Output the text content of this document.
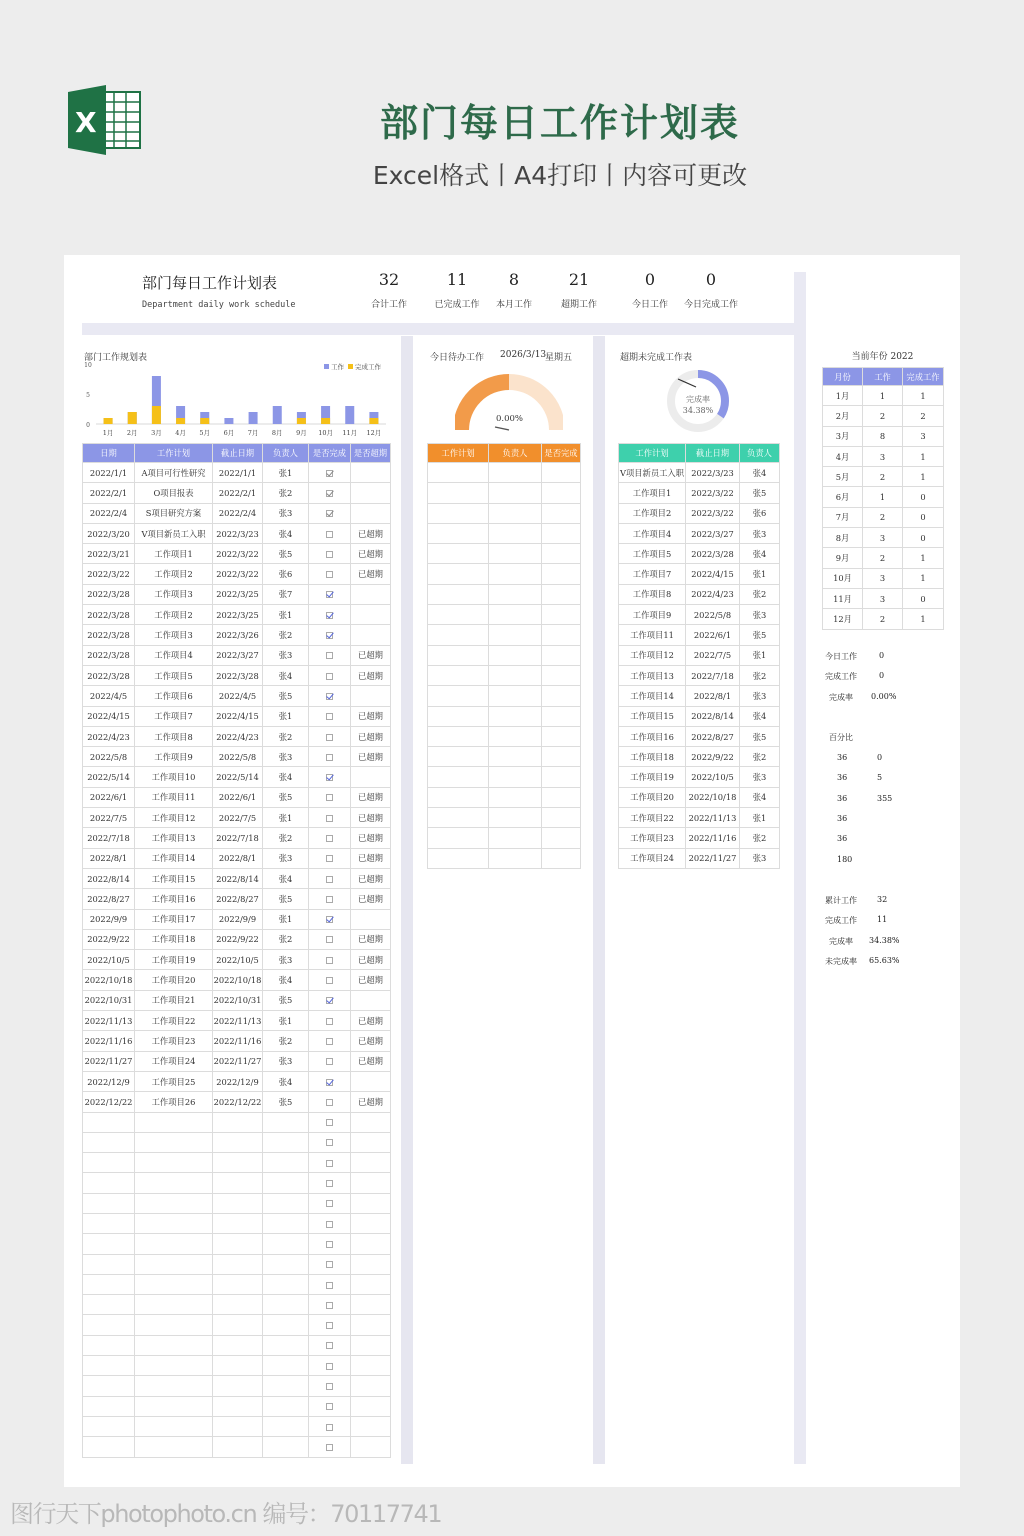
X	部门每日工作计划表
Excel格式丨A4打印丨内容可更改
部门每日工作计划表
Department daily work schedule
32
合计工作
11
已完成工作
8
本月工作
21
超期工作
0
今日工作
0
今日完成工作
部门工作规划表
10
5
0
1月 2月 3月 4月 5月 6月 7月 8月 9月 10月 11月 12月
工作 完成工作
日期	工作计划	截止日期	负责人	是否完成	是否超期
2022/1/1	A项目可行性研究	2022/1/1	张1		
2022/2/1	O项目报表	2022/2/1	张2		
2022/2/4	S项目研究方案	2022/2/4	张3		
2022/3/20	V项目新员工入职	2022/3/23	张4		已超期
2022/3/21	工作项目1	2022/3/22	张5		已超期
2022/3/22	工作项目2	2022/3/22	张6		已超期
2022/3/28	工作项目3	2022/3/25	张7		
2022/3/28	工作项目2	2022/3/25	张1		
2022/3/28	工作项目3	2022/3/26	张2		
2022/3/28	工作项目4	2022/3/27	张3		已超期
2022/3/28	工作项目5	2022/3/28	张4		已超期
2022/4/5	工作项目6	2022/4/5	张5		
2022/4/15	工作项目7	2022/4/15	张1		已超期
2022/4/23	工作项目8	2022/4/23	张2		已超期
2022/5/8	工作项目9	2022/5/8	张3		已超期
2022/5/14	工作项目10	2022/5/14	张4		
2022/6/1	工作项目11	2022/6/1	张5		已超期
2022/7/5	工作项目12	2022/7/5	张1		已超期
2022/7/18	工作项目13	2022/7/18	张2		已超期
2022/8/1	工作项目14	2022/8/1	张3		已超期
2022/8/14	工作项目15	2022/8/14	张4		已超期
2022/8/27	工作项目16	2022/8/27	张5		已超期
2022/9/9	工作项目17	2022/9/9	张1		
2022/9/22	工作项目18	2022/9/22	张2		已超期
2022/10/5	工作项目19	2022/10/5	张3		已超期
2022/10/18	工作项目20	2022/10/18	张4		已超期
2022/10/31	工作项目21	2022/10/31	张5		
2022/11/13	工作项目22	2022/11/13	张1		已超期
2022/11/16	工作项目23	2022/11/16	张2		已超期
2022/11/27	工作项目24	2022/11/27	张3		已超期
2022/12/9	工作项目25	2022/12/9	张4		
2022/12/22	工作项目26	2022/12/22	张5		已超期

今日待办工作 2026/3/13
星期五
0.00%
工作计划	负责人	是否完成

超期未完成工作表
完成率
34.38%
工作计划	截止日期	负责人
V项目新员工入职	2022/3/23	张4
工作项目1	2022/3/22	张5
工作项目2	2022/3/22	张6
工作项目4	2022/3/27	张3
工作项目5	2022/3/28	张4
工作项目7	2022/4/15	张1
工作项目8	2022/4/23	张2
工作项目9	2022/5/8	张3
工作项目11	2022/6/1	张5
工作项目12	2022/7/5	张1
工作项目13	2022/7/18	张2
工作项目14	2022/8/1	张3
工作项目15	2022/8/14	张4
工作项目16	2022/8/27	张5
工作项目18	2022/9/22	张2
工作项目19	2022/10/5	张3
工作项目20	2022/10/18	张4
工作项目22	2022/11/13	张1
工作项目23	2022/11/16	张2
工作项目24	2022/11/27	张3
当前年份 2022
月份	工作	完成工作
1月	1	1
2月	2	2
3月	8	3
4月	3	1
5月	2	1
6月	1	0
7月	2	0
8月	3	0
9月	2	1
10月	3	1
11月	3	0
12月	2	1
今日工作	0
完成工作	0
完成率 0.00%
百分比
36	0
36	5
36	355
36
36
180
累计工作	32
完成工作	11
完成率 34.38%
未完成率 65.63%
图行天下photophoto.cn 编号：70117741
